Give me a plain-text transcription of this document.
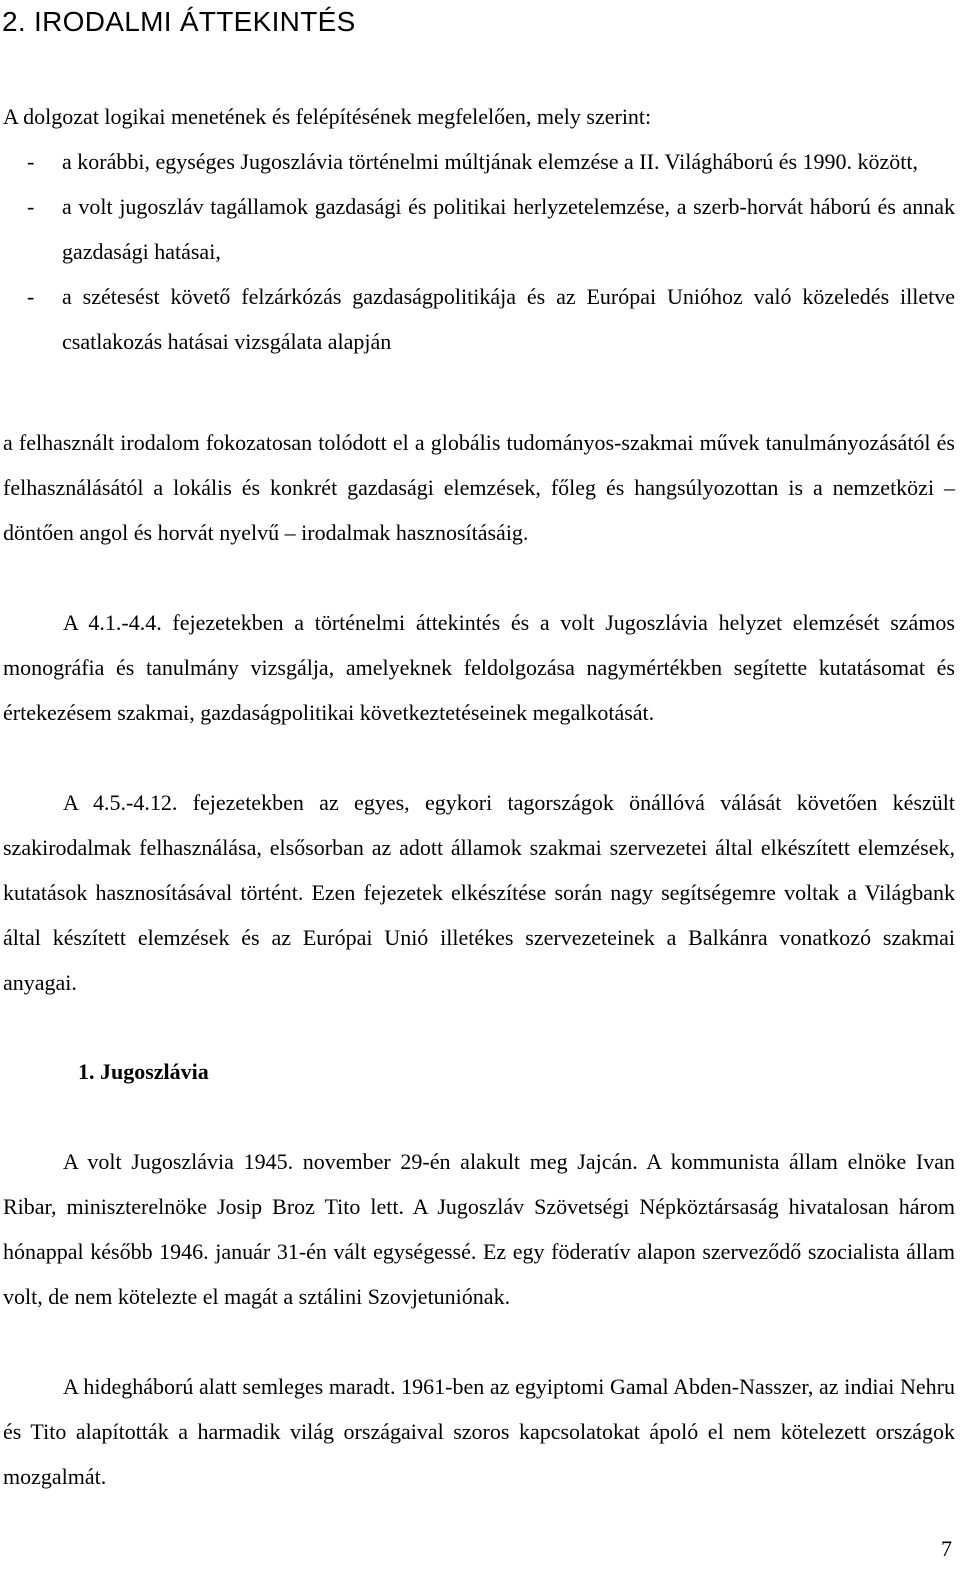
2. IRODALMI ÁTTEKINTÉS

A dolgozat logikai menetének és felépítésének megfelelően, mely szerint:

- a korábbi, egységes Jugoszlávia történelmi múltjának elemzése a II. Világháború és 1990. között,

- a volt jugoszláv tagállamok gazdasági és politikai herlyzetelemzése, a szerb-horvát háború és annak gazdasági hatásai,

- a szétesést követő felzárkózás gazdaságpolitikája és az Európai Unióhoz való közeledés illetve csatlakozás hatásai vizsgálata alapján

a felhasznált irodalom fokozatosan tolódott el a globális tudományos-szakmai művek tanulmányozásától és felhasználásától a lokális és konkrét gazdasági elemzések, főleg és hangsúlyozottan is a nemzetközi – döntően angol és horvát nyelvű – irodalmak hasznosításáig.

A 4.1.-4.4. fejezetekben a történelmi áttekintés és a volt Jugoszlávia helyzet elemzését számos monográfia és tanulmány vizsgálja, amelyeknek feldolgozása nagymértékben segítette kutatásomat és értekezésem szakmai, gazdaságpolitikai következtetéseinek megalkotását.

A 4.5.-4.12. fejezetekben az egyes, egykori tagországok önállóvá válását követően készült szakirodalmak felhasználása, elsősorban az adott államok szakmai szervezetei által elkészített elemzések, kutatások hasznosításával történt. Ezen fejezetek elkészítése során nagy segítségemre voltak a Világbank által készített elemzések és az Európai Unió illetékes szervezeteinek a Balkánra vonatkozó szakmai anyagai.

1. Jugoszlávia

A volt Jugoszlávia 1945. november 29-én alakult meg Jajcán. A kommunista állam elnöke Ivan Ribar, miniszterelnöke Josip Broz Tito lett. A Jugoszláv Szövetségi Népköztársaság hivatalosan három hónappal később 1946. január 31-én vált egységessé. Ez egy föderatív alapon szerveződő szocialista állam volt, de nem kötelezte el magát a sztálini Szovjetuniónak.

A hidegháború alatt semleges maradt. 1961-ben az egyiptomi Gamal Abden-Nasszer, az indiai Nehru és Tito alapították a harmadik világ országaival szoros kapcsolatokat ápoló el nem kötelezett országok mozgalmát.

7
